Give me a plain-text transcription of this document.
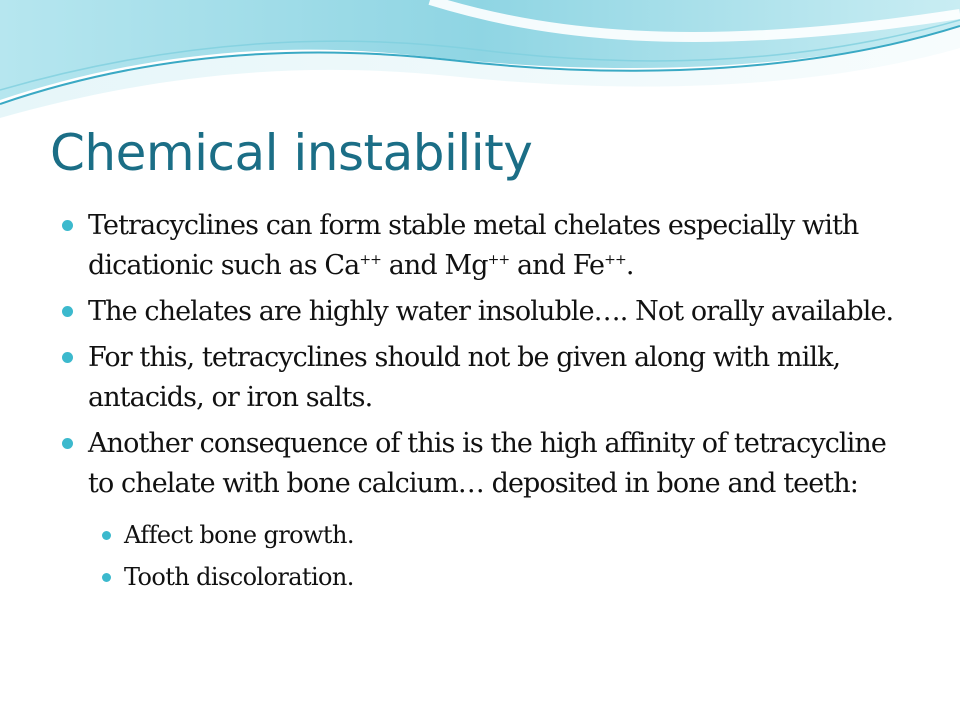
Chemical instability
Tetracyclines can form stable metal chelates especially with dicationic such as Ca++ and Mg++ and Fe++.
The chelates are highly water insoluble…. Not orally available.
For this, tetracyclines should not be given along with milk, antacids, or iron salts.
Another consequence of this is the high affinity of tetracycline to chelate with bone calcium… deposited in bone and teeth:
Affect bone growth.
Tooth discoloration.
